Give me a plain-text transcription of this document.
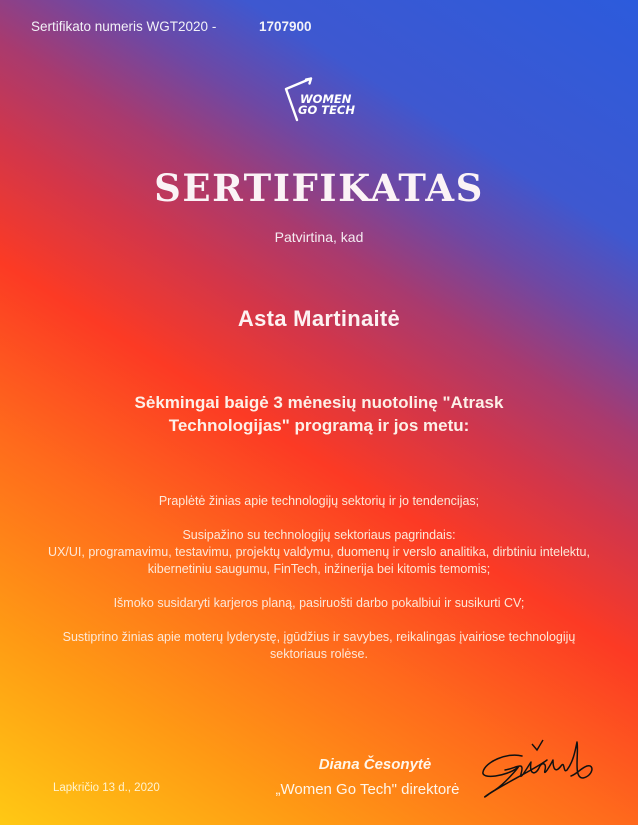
Sertifikato numeris WGT2020 -	1707900
WOMEN
GO TECH
SERTIFIKATAS
Patvirtina, kad
Asta Martinaitė
Sėkmingai baigė 3 mėnesių nuotolinę "Atrask Technologijas" programą ir jos metu:

Praplėtė žinias apie technologijų sektorių ir jo tendencijas;

Susipažino su technologijų sektoriaus pagrindais:

UX/UI, programavimu, testavimu, projektų valdymu, duomenų ir verslo analitika, dirbtiniu intelektu, kibernetiniu saugumu, FinTech, inžinerija bei kitomis temomis;

Išmoko susidaryti karjeros planą, pasiruošti darbo pokalbiui ir susikurti CV;

Sustiprino žinias apie moterų lyderystę, įgūdžius ir savybes, reikalingas įvairiose technologijų sektoriaus rolėse.

Lapkričio 13 d., 2020
Diana Česonytė
„Women Go Tech" direktorė
